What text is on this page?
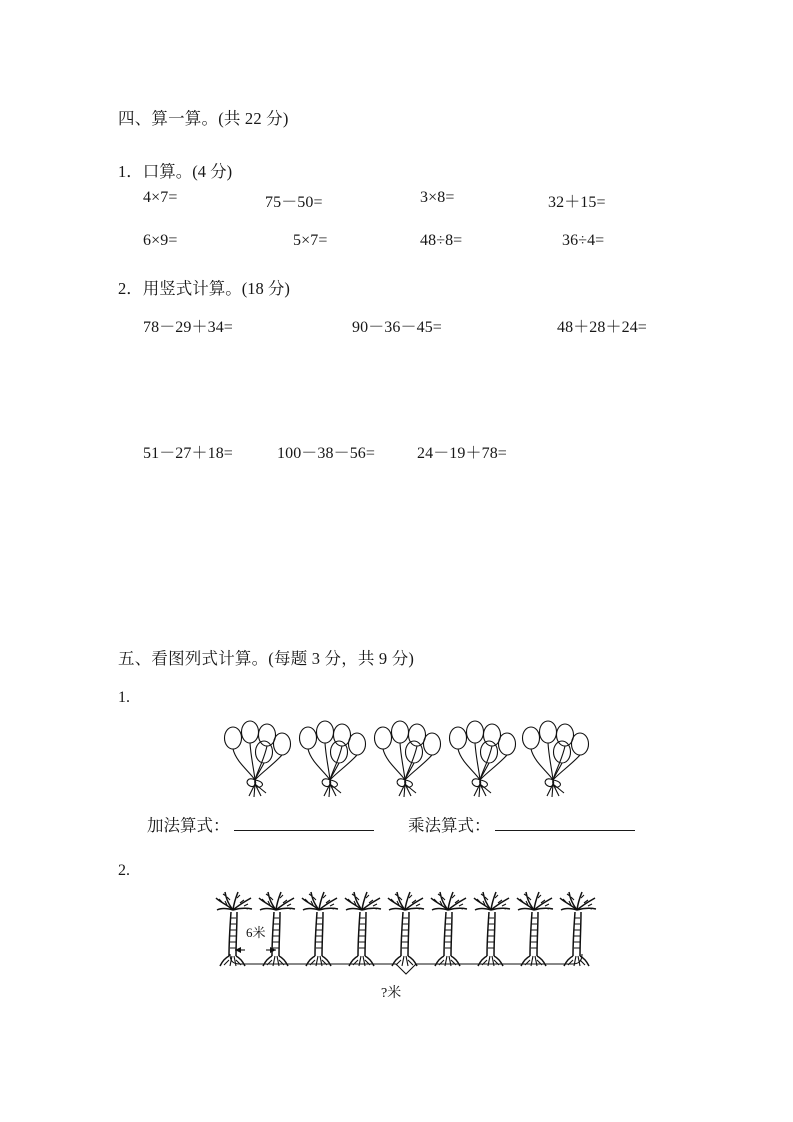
四、算一算。(共 22 分)
1．口算。(4 分)
4×7=	75－50=	3×8=	32＋15=
6×9=	5×7=	48÷8=	36÷4=
2．用竖式计算。(18 分)
78－29＋34=	90－36－45=	48＋28＋24=
51－27＋18=	100－38－56=	24－19＋78=
五、看图列式计算。(每题 3 分，共 9 分)
1.
加法算式：	乘法算式：
2.
6米
?米
